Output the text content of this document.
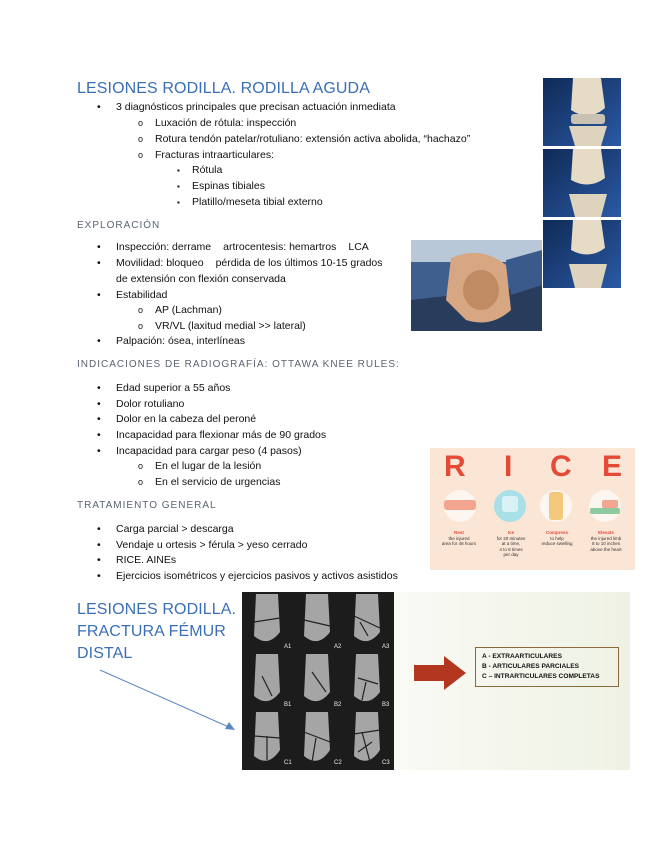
LESIONES RODILLA. RODILLA AGUDA
• 3 diagnósticos principales que precisan actuación inmediata
o Luxación de rótula: inspección
o Rotura tendón patelar/rotuliano: extensión activa abolida, “hachazo”
o Fracturas intraarticulares:
▪ Rótula
▪ Espinas tibiales
▪ Platillo/meseta tibial externo
EXPLORACIÓN
• Inspección: derrame artrocentesis: hemartros LCA
• Movilidad: bloqueo pérdida de los últimos 10-15 grados
de extensión con flexión conservada
• Estabilidad
o AP (Lachman)
o VR/VL (laxitud medial >> lateral)
• Palpación: ósea, interlíneas
INDICACIONES DE RADIOGRAFÍA: OTTAWA KNEE RULES:
• Edad superior a 55 años
• Dolor rotuliano
• Dolor en la cabeza del peroné
• Incapacidad para flexionar más de 90 grados
• Incapacidad para cargar peso (4 pasos)
o En el lugar de la lesión
o En el servicio de urgencias	R I C E
Rest
the injured
area for 48 hours
Ice
for 20 minutes
at a time,
4 to 8 times
per day
Compress
to help
reduce swelling
Elevate
the injured limb
8 to 10 inches
above the heart
TRATAMIENTO GENERAL
• Carga parcial > descarga
• Vendaje u ortesis > férula > yeso cerrado
• RICE. AINEs
• Ejercicios isométricos y ejercicios pasivos y activos asistidos
LESIONES RODILLA.
FRACTURA FÉMUR
DISTAL	A1	A2	A3
B1	B2	B3
C1	C2	C3
A - EXTRAARTICULARES
B - ARTICULARES PARCIALES
C – INTRARTICULARES COMPLETAS
